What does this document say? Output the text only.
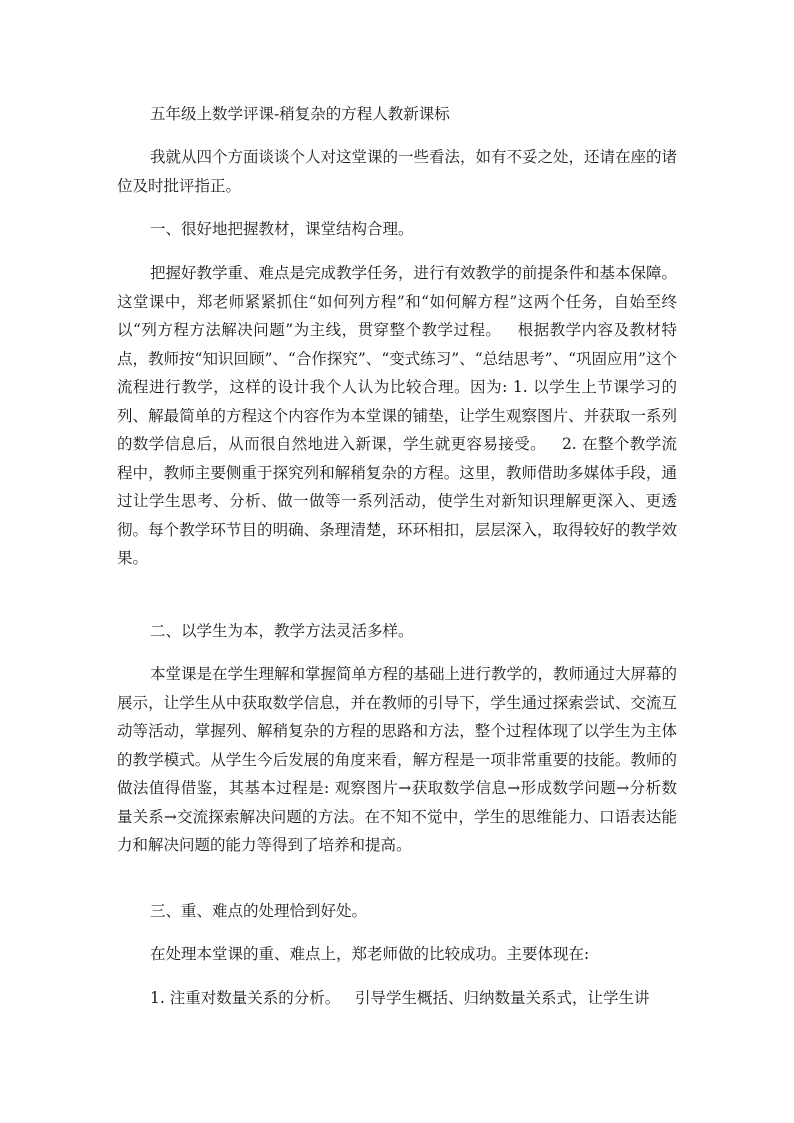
五年级上数学评课-稍复杂的方程人教新课标

我就从四个方面谈谈个人对这堂课的一些看法，如有不妥之处，还请在座的诸位及时批评指正。

一、很好地把握教材，课堂结构合理。

把握好教学重、难点是完成教学任务，进行有效教学的前提条件和基本保障。这堂课中，郑老师紧紧抓住“如何列方程”和“如何解方程”这两个任务，自始至终以“列方程方法解决问题”为主线，贯穿整个教学过程。   根据教学内容及教材特点，教师按“知识回顾”、“合作探究”、“变式练习”、“总结思考”、“巩固应用”这个流程进行教学，这样的设计我个人认为比较合理。因为: 1. 以学生上节课学习的列、解最简单的方程这个内容作为本堂课的铺垫，让学生观察图片、并获取一系列的数学信息后，从而很自然地进入新课，学生就更容易接受。   2. 在整个教学流程中，教师主要侧重于探究列和解稍复杂的方程。这里，教师借助多媒体手段，通过让学生思考、分析、做一做等一系列活动，使学生对新知识理解更深入、更透彻。每个教学环节目的明确、条理清楚，环环相扣，层层深入，取得较好的教学效果。

二、以学生为本，教学方法灵活多样。

本堂课是在学生理解和掌握简单方程的基础上进行教学的，教师通过大屏幕的展示，让学生从中获取数学信息，并在教师的引导下，学生通过探索尝试、交流互动等活动，掌握列、解稍复杂的方程的思路和方法，整个过程体现了以学生为主体的教学模式。从学生今后发展的角度来看，解方程是一项非常重要的技能。教师的做法值得借鉴，其基本过程是: 观察图片→获取数学信息→形成数学问题→分析数量关系→交流探索解决问题的方法。在不知不觉中，学生的思维能力、口语表达能力和解决问题的能力等得到了培养和提高。

三、重、难点的处理恰到好处。

在处理本堂课的重、难点上，郑老师做的比较成功。主要体现在:

1. 注重对数量关系的分析。   引导学生概括、归纳数量关系式，让学生讲
